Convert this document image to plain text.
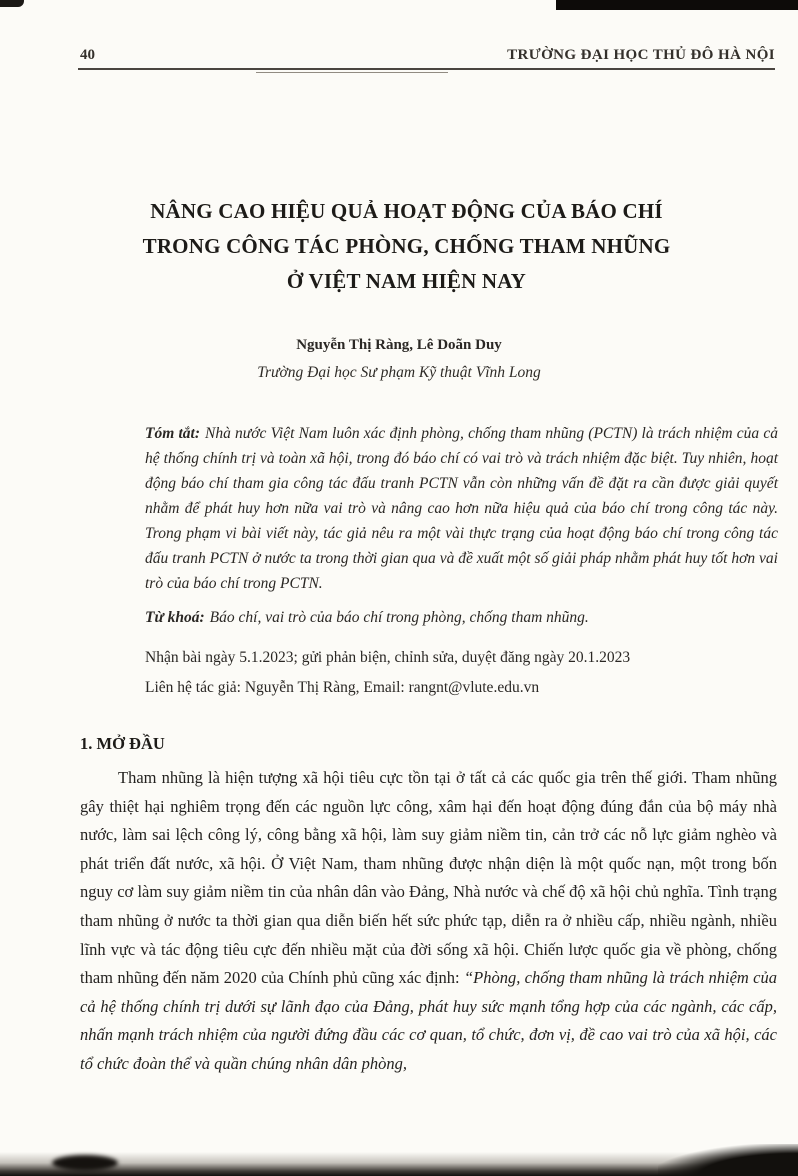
40	TRƯỜNG ĐẠI HỌC THỦ ĐÔ HÀ NỘI
NÂNG CAO HIỆU QUẢ HOẠT ĐỘNG CỦA BÁO CHÍ
TRONG CÔNG TÁC PHÒNG, CHỐNG THAM NHŨNG
Ở VIỆT NAM HIỆN NAY
Nguyễn Thị Ràng, Lê Doãn Duy
Trường Đại học Sư phạm Kỹ thuật Vĩnh Long

Tóm tắt: Nhà nước Việt Nam luôn xác định phòng, chống tham nhũng (PCTN) là trách nhiệm của cả hệ thống chính trị và toàn xã hội, trong đó báo chí có vai trò và trách nhiệm đặc biệt. Tuy nhiên, hoạt động báo chí tham gia công tác đấu tranh PCTN vẫn còn những vấn đề đặt ra cần được giải quyết nhằm để phát huy hơn nữa vai trò và nâng cao hơn nữa hiệu quả của báo chí trong công tác này. Trong phạm vi bài viết này, tác giả nêu ra một vài thực trạng của hoạt động báo chí trong công tác đấu tranh PCTN ở nước ta trong thời gian qua và đề xuất một số giải pháp nhằm phát huy tốt hơn vai trò của báo chí trong PCTN.

Từ khoá: Báo chí, vai trò của báo chí trong phòng, chống tham nhũng.

Nhận bài ngày 5.1.2023; gửi phản biện, chỉnh sửa, duyệt đăng ngày 20.1.2023

Liên hệ tác giả: Nguyễn Thị Ràng, Email: rangnt@vlute.edu.vn

1. MỞ ĐẦU

Tham nhũng là hiện tượng xã hội tiêu cực tồn tại ở tất cả các quốc gia trên thế giới. Tham nhũng gây thiệt hại nghiêm trọng đến các nguồn lực công, xâm hại đến hoạt động đúng đắn của bộ máy nhà nước, làm sai lệch công lý, công bằng xã hội, làm suy giảm niềm tin, cản trở các nỗ lực giảm nghèo và phát triển đất nước, xã hội. Ở Việt Nam, tham nhũng được nhận diện là một quốc nạn, một trong bốn nguy cơ làm suy giảm niềm tin của nhân dân vào Đảng, Nhà nước và chế độ xã hội chủ nghĩa. Tình trạng tham nhũng ở nước ta thời gian qua diễn biến hết sức phức tạp, diễn ra ở nhiều cấp, nhiều ngành, nhiều lĩnh vực và tác động tiêu cực đến nhiều mặt của đời sống xã hội. Chiến lược quốc gia về phòng, chống tham nhũng đến năm 2020 của Chính phủ cũng xác định: “Phòng, chống tham nhũng là trách nhiệm của cả hệ thống chính trị dưới sự lãnh đạo của Đảng, phát huy sức mạnh tổng hợp của các ngành, các cấp, nhấn mạnh trách nhiệm của người đứng đầu các cơ quan, tổ chức, đơn vị, đề cao vai trò của xã hội, các tổ chức đoàn thể và quần chúng nhân dân phòng,
